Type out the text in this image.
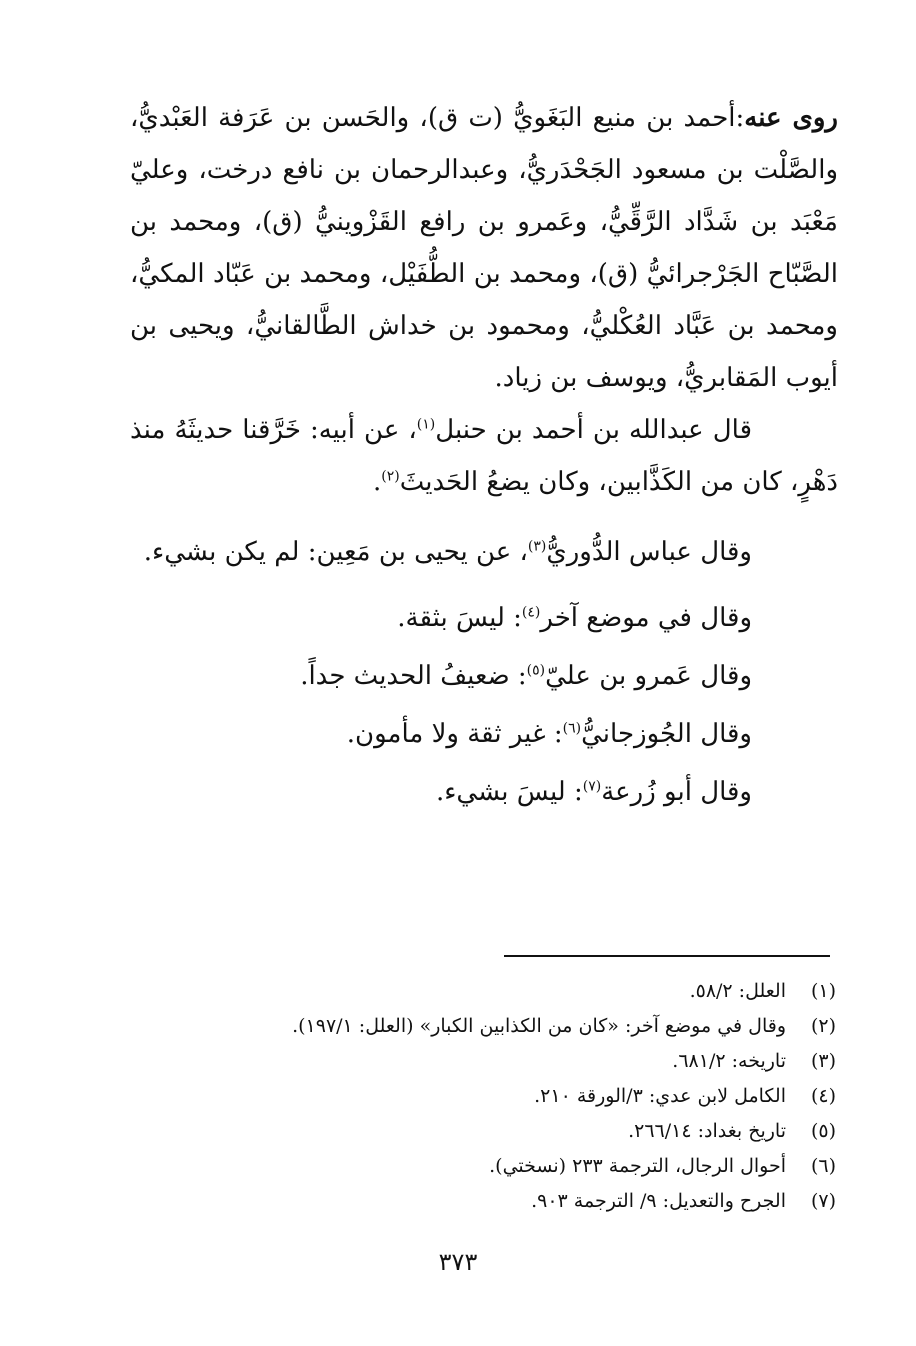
روى عنه:أحمد بن منيع البَغَويُّ (ت ق)، والحَسن بن عَرَفة العَبْديُّ، والصَّلْت بن مسعود الجَحْدَريُّ، وعبدالرحمان بن نافع درخت، وعليّ مَعْبَد بن شَدَّاد الرَّقِّيُّ، وعَمرو بن رافع القَزْوينيُّ (ق)، ومحمد بن الصَّبّاح الجَرْجرائيُّ (ق)، ومحمد بن الطُّفَيْل، ومحمد بن عَبّاد المكيُّ، ومحمد بن عَبَّاد العُكْليُّ، ومحمود بن خداش الطَّالقانيُّ، ويحيى بن أيوب المَقابريُّ، ويوسف بن زياد.

قال عبدالله بن أحمد بن حنبل$^{(١)}$، عن أبيه: خَرَّقنا حديثَهُ منذ دَهْرٍ، كان من الكَذَّابين، وكان يضعُ الحَديثَ$^{(٢)}$.

وقال عباس الدُّوريُّ$^{(٣)}$، عن يحيى بن مَعِين: لم يكن بشيء.

وقال في موضع آخر$^{(٤)}$: ليسَ بثقة.

وقال عَمرو بن عليّ$^{(٥)}$: ضعيفُ الحديث جداً.

وقال الجُوزجانيُّ$^{(٦)}$: غير ثقة ولا مأمون.

وقال أبو زُرعة$^{(٧)}$: ليسَ بشيء.

(١)
العلل: ٥٨/٢.
(٢)
وقال في موضع آخر: «كان من الكذابين الكبار» (العلل: ١٩٧/١).
(٣)
تاريخه: ٦٨١/٢.
(٤)
الكامل لابن عدي: ٣/الورقة ٢١٠.
(٥)
تاريخ بغداد: ٢٦٦/١٤.
(٦)
أحوال الرجال، الترجمة ٢٣٣ (نسختي).
(٧)
الجرح والتعديل: ٩/ الترجمة ٩٠٣.
٣٧٣
